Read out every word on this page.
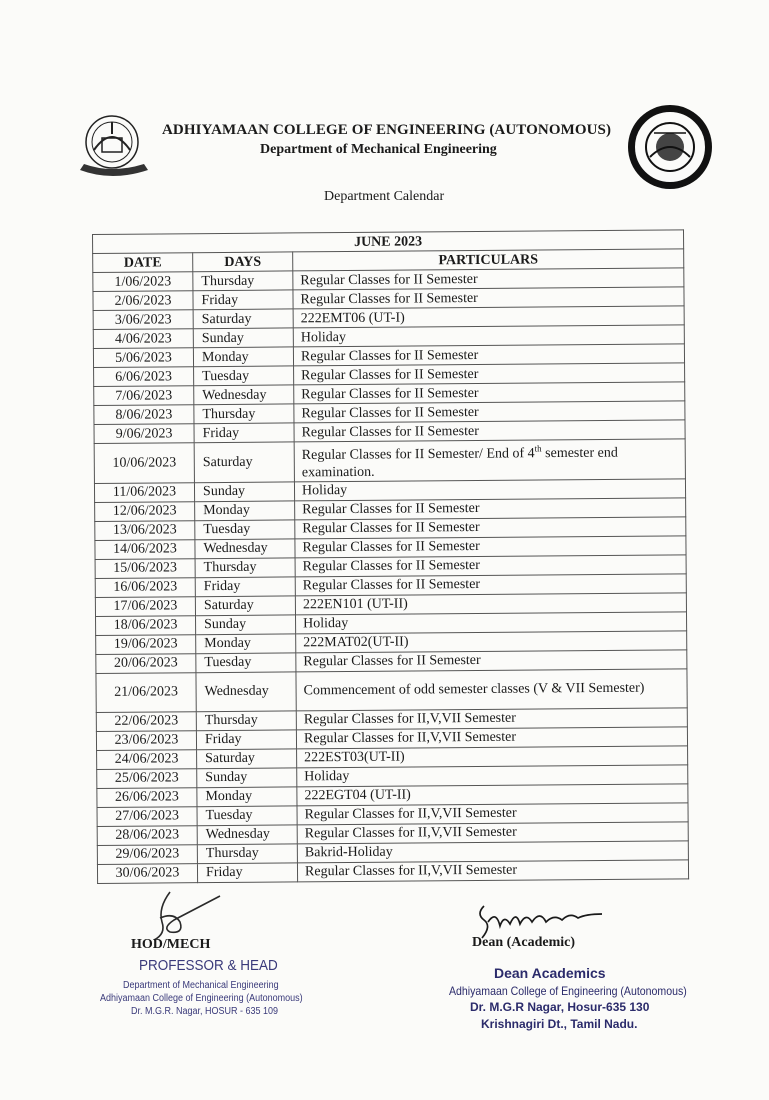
ADHIYAMAAN COLLEGE OF ENGINEERING (AUTONOMOUS)
Department of Mechanical Engineering
Department Calendar
JUNE 2023		
DATE	DAYS	PARTICULARS
1/06/2023	Thursday	Regular Classes for II Semester
2/06/2023	Friday	Regular Classes for II Semester
3/06/2023	Saturday	222EMT06 (UT-I)
4/06/2023	Sunday	Holiday
5/06/2023	Monday	Regular Classes for II Semester
6/06/2023	Tuesday	Regular Classes for II Semester
7/06/2023	Wednesday	Regular Classes for II Semester
8/06/2023	Thursday	Regular Classes for II Semester
9/06/2023	Friday	Regular Classes for II Semester
10/06/2023	Saturday	Regular Classes for II Semester/ End of 4th semester end examination.
11/06/2023	Sunday	Holiday
12/06/2023	Monday	Regular Classes for II Semester
13/06/2023	Tuesday	Regular Classes for II Semester
14/06/2023	Wednesday	Regular Classes for II Semester
15/06/2023	Thursday	Regular Classes for II Semester
16/06/2023	Friday	Regular Classes for II Semester
17/06/2023	Saturday	222EN101 (UT-II)
18/06/2023	Sunday	Holiday
19/06/2023	Monday	222MAT02(UT-II)
20/06/2023	Tuesday	Regular Classes for II Semester
21/06/2023	Wednesday	Commencement of odd semester classes (V & VII Semester)
22/06/2023	Thursday	Regular Classes for II,V,VII Semester
23/06/2023	Friday	Regular Classes for II,V,VII Semester
24/06/2023	Saturday	222EST03(UT-II)
25/06/2023	Sunday	Holiday
26/06/2023	Monday	222EGT04 (UT-II)
27/06/2023	Tuesday	Regular Classes for II,V,VII Semester
28/06/2023	Wednesday	Regular Classes for II,V,VII Semester
29/06/2023	Thursday	Bakrid-Holiday
30/06/2023	Friday	Regular Classes for II,V,VII Semester
HOD/MECH
PROFESSOR & HEAD
Department of Mechanical Engineering
Adhiyamaan College of Engineering (Autonomous)
Dr. M.G.R. Nagar, HOSUR - 635 109
Dean (Academic)
Dean Academics
Adhiyamaan College of Engineering (Autonomous)
Dr. M.G.R Nagar, Hosur-635 130
Krishnagiri Dt., Tamil Nadu.
